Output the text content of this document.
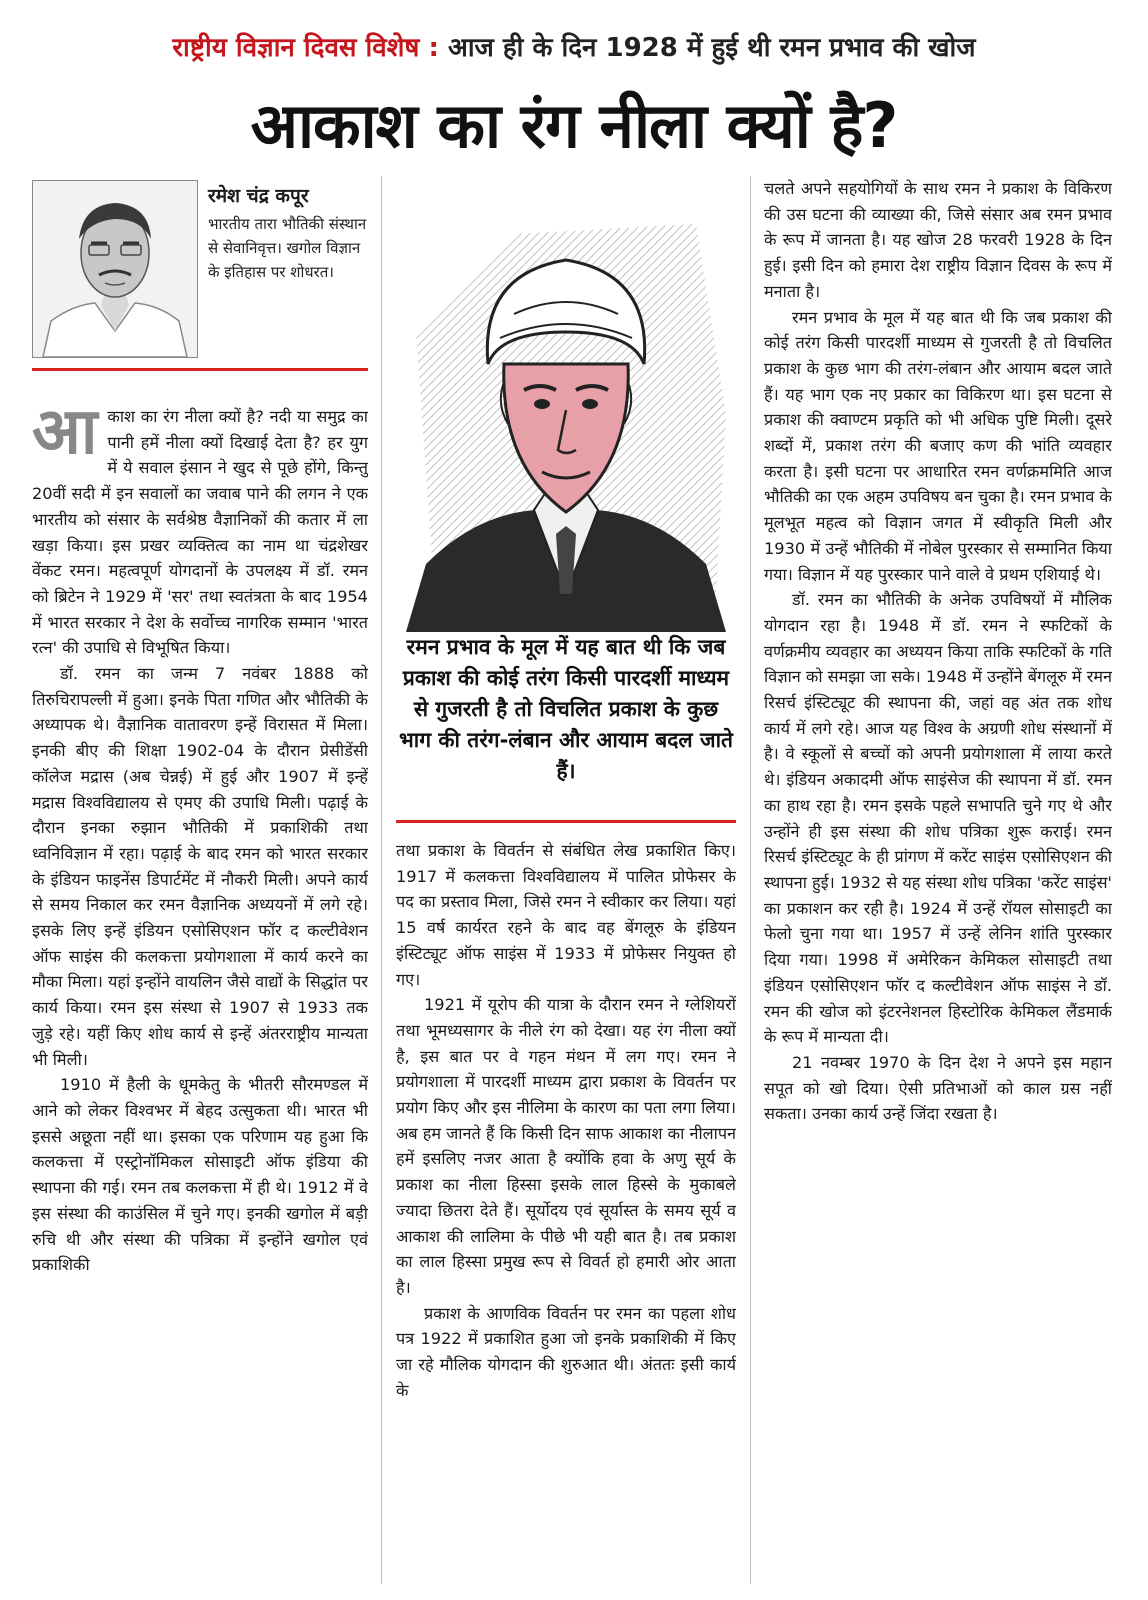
राष्ट्रीय विज्ञान दिवस विशेष : आज ही के दिन 1928 में हुई थी रमन प्रभाव की खोज
आकाश का रंग नीला क्यों है?
रमेश चंद्र कपूर
भारतीय तारा भौतिकी संस्थान से सेवानिवृत्त। खगोल विज्ञान के इतिहास पर शोधरत।
आ काश का रंग नीला क्यों है? नदी या समुद्र का पानी हमें नीला क्यों दिखाई देता है? हर युग में ये सवाल इंसान ने खुद से पूछे होंगे, किन्तु 20वीं सदी में इन सवालों का जवाब पाने की लगन ने एक भारतीय को संसार के सर्वश्रेष्ठ वैज्ञानिकों की कतार में ला खड़ा किया। इस प्रखर व्यक्तित्व का नाम था चंद्रशेखर वेंकट रमन। महत्वपूर्ण योगदानों के उपलक्ष्य में डॉ. रमन को ब्रिटेन ने 1929 में 'सर' तथा स्वतंत्रता के बाद 1954 में भारत सरकार ने देश के सर्वोच्च नागरिक सम्मान 'भारत रत्न' की उपाधि से विभूषित किया।

डॉ. रमन का जन्म 7 नवंबर 1888 को तिरुचिरापल्ली में हुआ। इनके पिता गणित और भौतिकी के अध्यापक थे। वैज्ञानिक वातावरण इन्हें विरासत में मिला। इनकी बीए की शिक्षा 1902-04 के दौरान प्रेसीडेंसी कॉलेज मद्रास (अब चेन्नई) में हुई और 1907 में इन्हें मद्रास विश्वविद्यालय से एमए की उपाधि मिली। पढ़ाई के दौरान इनका रुझान भौतिकी में प्रकाशिकी तथा ध्वनिविज्ञान में रहा। पढ़ाई के बाद रमन को भारत सरकार के इंडियन फाइनेंस डिपार्टमेंट में नौकरी मिली। अपने कार्य से समय निकाल कर रमन वैज्ञानिक अध्ययनों में लगे रहे। इसके लिए इन्हें इंडियन एसोसिएशन फॉर द कल्टीवेशन ऑफ साइंस की कलकत्ता प्रयोगशाला में कार्य करने का मौका मिला। यहां इन्होंने वायलिन जैसे वाद्यों के सिद्धांत पर कार्य किया। रमन इस संस्था से 1907 से 1933 तक जुड़े रहे। यहीं किए शोध कार्य से इन्हें अंतरराष्ट्रीय मान्यता भी मिली।

1910 में हैली के धूमकेतु के भीतरी सौरमण्डल में आने को लेकर विश्वभर में बेहद उत्सुकता थी। भारत भी इससे अछूता नहीं था। इसका एक परिणाम यह हुआ कि कलकत्ता में एस्ट्रोनॉमिकल सोसाइटी ऑफ इंडिया की स्थापना की गई। रमन तब कलकत्ता में ही थे। 1912 में वे इस संस्था की काउंसिल में चुने गए। इनकी खगोल में बड़ी रुचि थी और संस्था की पत्रिका में इन्होंने खगोल एवं प्रकाशिकी

रमन प्रभाव के मूल में यह बात थी कि जब प्रकाश की कोई तरंग किसी पारदर्शी माध्यम से गुजरती है तो विचलित प्रकाश के कुछ भाग की तरंग-लंबान और आयाम बदल जाते हैं।

तथा प्रकाश के विवर्तन से संबंधित लेख प्रकाशित किए। 1917 में कलकत्ता विश्वविद्यालय में पालित प्रोफेसर के पद का प्रस्ताव मिला, जिसे रमन ने स्वीकार कर लिया। यहां 15 वर्ष कार्यरत रहने के बाद वह बेंगलूरु के इंडियन इंस्टिट्यूट ऑफ साइंस में 1933 में प्रोफेसर नियुक्त हो गए।

1921 में यूरोप की यात्रा के दौरान रमन ने ग्लेशियरों तथा भूमध्यसागर के नीले रंग को देखा। यह रंग नीला क्यों है, इस बात पर वे गहन मंथन में लग गए। रमन ने प्रयोगशाला में पारदर्शी माध्यम द्वारा प्रकाश के विवर्तन पर प्रयोग किए और इस नीलिमा के कारण का पता लगा लिया। अब हम जानते हैं कि किसी दिन साफ आकाश का नीलापन हमें इसलिए नजर आता है क्योंकि हवा के अणु सूर्य के प्रकाश का नीला हिस्सा इसके लाल हिस्से के मुकाबले ज्यादा छितरा देते हैं। सूर्योदय एवं सूर्यास्त के समय सूर्य व आकाश की लालिमा के पीछे भी यही बात है। तब प्रकाश का लाल हिस्सा प्रमुख रूप से विवर्त हो हमारी ओर आता है।

प्रकाश के आणविक विवर्तन पर रमन का पहला शोध पत्र 1922 में प्रकाशित हुआ जो इनके प्रकाशिकी में किए जा रहे मौलिक योगदान की शुरुआत थी। अंततः इसी कार्य के

चलते अपने सहयोगियों के साथ रमन ने प्रकाश के विकिरण की उस घटना की व्याख्या की, जिसे संसार अब रमन प्रभाव के रूप में जानता है। यह खोज 28 फरवरी 1928 के दिन हुई। इसी दिन को हमारा देश राष्ट्रीय विज्ञान दिवस के रूप में मनाता है।

रमन प्रभाव के मूल में यह बात थी कि जब प्रकाश की कोई तरंग किसी पारदर्शी माध्यम से गुजरती है तो विचलित प्रकाश के कुछ भाग की तरंग-लंबान और आयाम बदल जाते हैं। यह भाग एक नए प्रकार का विकिरण था। इस घटना से प्रकाश की क्वाण्टम प्रकृति को भी अधिक पुष्टि मिली। दूसरे शब्दों में, प्रकाश तरंग की बजाए कण की भांति व्यवहार करता है। इसी घटना पर आधारित रमन वर्णक्रममिति आज भौतिकी का एक अहम उपविषय बन चुका है। रमन प्रभाव के मूलभूत महत्व को विज्ञान जगत में स्वीकृति मिली और 1930 में उन्हें भौतिकी में नोबेल पुरस्कार से सम्मानित किया गया। विज्ञान में यह पुरस्कार पाने वाले वे प्रथम एशियाई थे।

डॉ. रमन का भौतिकी के अनेक उपविषयों में मौलिक योगदान रहा है। 1948 में डॉ. रमन ने स्फटिकों के वर्णक्रमीय व्यवहार का अध्ययन किया ताकि स्फटिकों के गति विज्ञान को समझा जा सके। 1948 में उन्होंने बेंगलूरु में रमन रिसर्च इंस्टिट्यूट की स्थापना की, जहां वह अंत तक शोध कार्य में लगे रहे। आज यह विश्व के अग्रणी शोध संस्थानों में है। वे स्कूलों से बच्चों को अपनी प्रयोगशाला में लाया करते थे। इंडियन अकादमी ऑफ साइंसेज की स्थापना में डॉ. रमन का हाथ रहा है। रमन इसके पहले सभापति चुने गए थे और उन्होंने ही इस संस्था की शोध पत्रिका शुरू कराई। रमन रिसर्च इंस्टिट्यूट के ही प्रांगण में करेंट साइंस एसोसिएशन की स्थापना हुई। 1932 से यह संस्था शोध पत्रिका 'करेंट साइंस' का प्रकाशन कर रही है। 1924 में उन्हें रॉयल सोसाइटी का फेलो चुना गया था। 1957 में उन्हें लेनिन शांति पुरस्कार दिया गया। 1998 में अमेरिकन केमिकल सोसाइटी तथा इंडियन एसोसिएशन फॉर द कल्टीवेशन ऑफ साइंस ने डॉ. रमन की खोज को इंटरनेशनल हिस्टोरिक केमिकल लैंडमार्क के रूप में मान्यता दी।

21 नवम्बर 1970 के दिन देश ने अपने इस महान सपूत को खो दिया। ऐसी प्रतिभाओं को काल ग्रस नहीं सकता। उनका कार्य उन्हें जिंदा रखता है।
